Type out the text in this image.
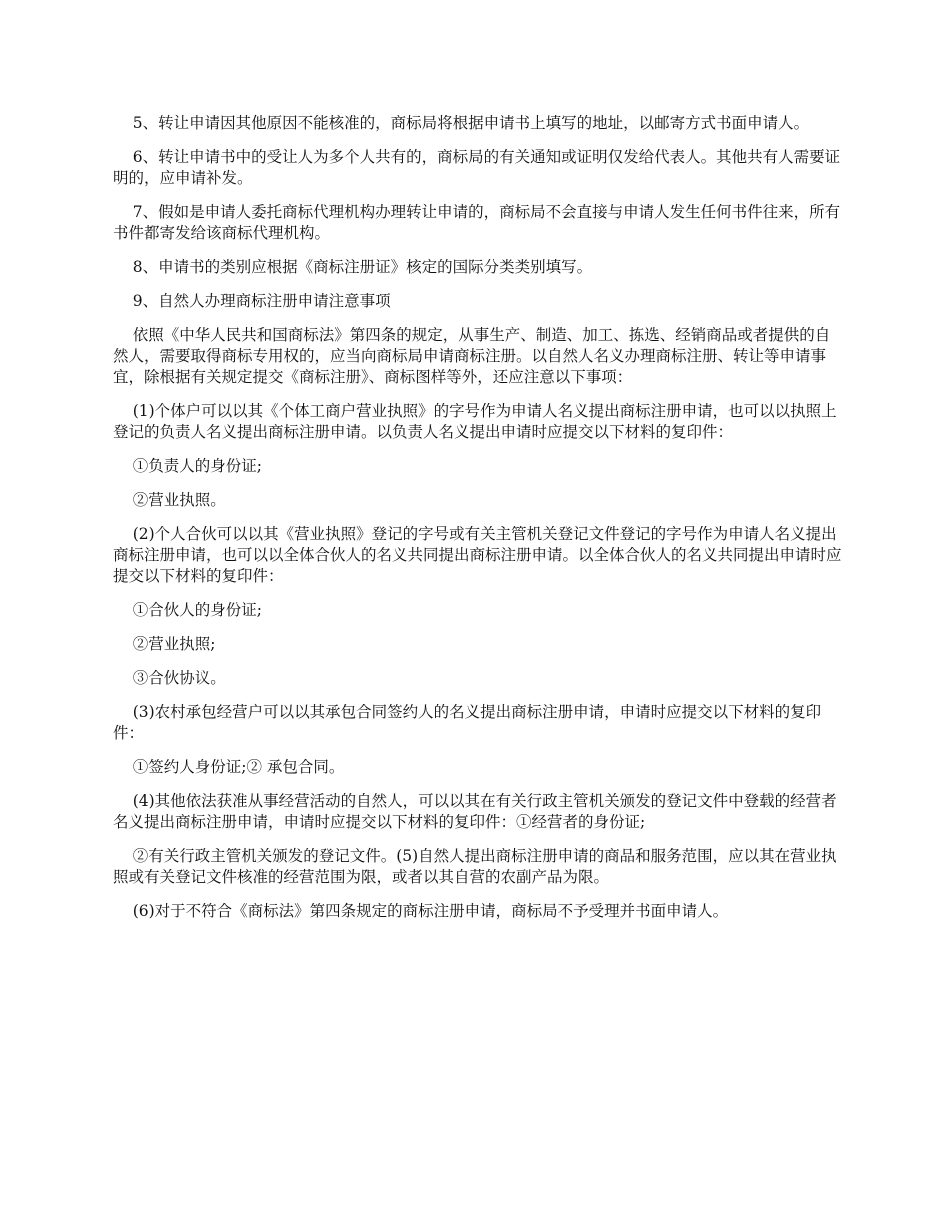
5、转让申请因其他原因不能核准的，商标局将根据申请书上填写的地址，以邮寄方式书面申请人。

6、转让申请书中的受让人为多个人共有的，商标局的有关通知或证明仅发给代表人。其他共有人需要证明的，应申请补发。

7、假如是申请人委托商标代理机构办理转让申请的，商标局不会直接与申请人发生任何书件往来，所有书件都寄发给该商标代理机构。

8、申请书的类别应根据《商标注册证》核定的国际分类类别填写。

9、自然人办理商标注册申请注意事项

依照《中华人民共和国商标法》第四条的规定，从事生产、制造、加工、拣选、经销商品或者提供的自然人，需要取得商标专用权的，应当向商标局申请商标注册。以自然人名义办理商标注册、转让等申请事宜，除根据有关规定提交《商标注册》、商标图样等外，还应注意以下事项：

(1)个体户可以以其《个体工商户营业执照》的字号作为申请人名义提出商标注册申请，也可以以执照上登记的负责人名义提出商标注册申请。以负责人名义提出申请时应提交以下材料的复印件：

①负责人的身份证;

②营业执照。

(2)个人合伙可以以其《营业执照》登记的字号或有关主管机关登记文件登记的字号作为申请人名义提出商标注册申请，也可以以全体合伙人的名义共同提出商标注册申请。以全体合伙人的名义共同提出申请时应提交以下材料的复印件：

①合伙人的身份证;

②营业执照;

③合伙协议。

(3)农村承包经营户可以以其承包合同签约人的名义提出商标注册申请，申请时应提交以下材料的复印件：

①签约人身份证;② 承包合同。

(4)其他依法获准从事经营活动的自然人，可以以其在有关行政主管机关颁发的登记文件中登载的经营者名义提出商标注册申请，申请时应提交以下材料的复印件：①经营者的身份证;

②有关行政主管机关颁发的登记文件。(5)自然人提出商标注册申请的商品和服务范围，应以其在营业执照或有关登记文件核准的经营范围为限，或者以其自营的农副产品为限。

(6)对于不符合《商标法》第四条规定的商标注册申请，商标局不予受理并书面申请人。
